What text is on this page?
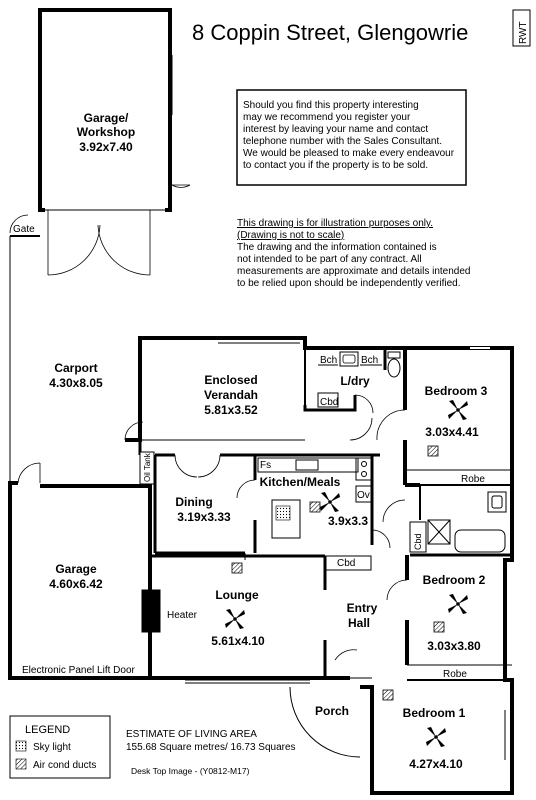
8 Coppin Street, Glengowrie	RWT
Should you find this property interesting
may we recommend you register your
interest by leaving your name and contact
telephone number with the Sales Consultant.
We would be pleased to make every endeavour
to contact you if the property is to be sold.
This drawing is for illustration purposes only.
(Drawing is not to scale)
The drawing and the information contained is
not intended to be part of any contract. All
measurements are approximate and details intended
to be relied upon should be independently verified.
Garage/
Workshop
3.92x7.40
Gate
Carport
4.30x8.05
Oil Tank
Garage
4.60x6.42
Electronic Panel Lift Door
Enclosed
Verandah
5.81x3.52
Bch Bch
Cbd
L/dry
Bedroom 3
3.03x4.41
Robe
Cbd
Dining
3.19x3.33
Fs
Ov
Kitchen/Meals
3.9x3.3
Heater
Lounge
5.61x4.10
Cbd
Entry
Hall
Bedroom 2
3.03x3.80
Robe
Porch	Bedroom 1
4.27x4.10
LEGEND
Sky light
Air cond ducts
ESTIMATE OF LIVING AREA
155.68 Square metres/ 16.73 Squares
Desk Top Image - (Y0812-M17)
